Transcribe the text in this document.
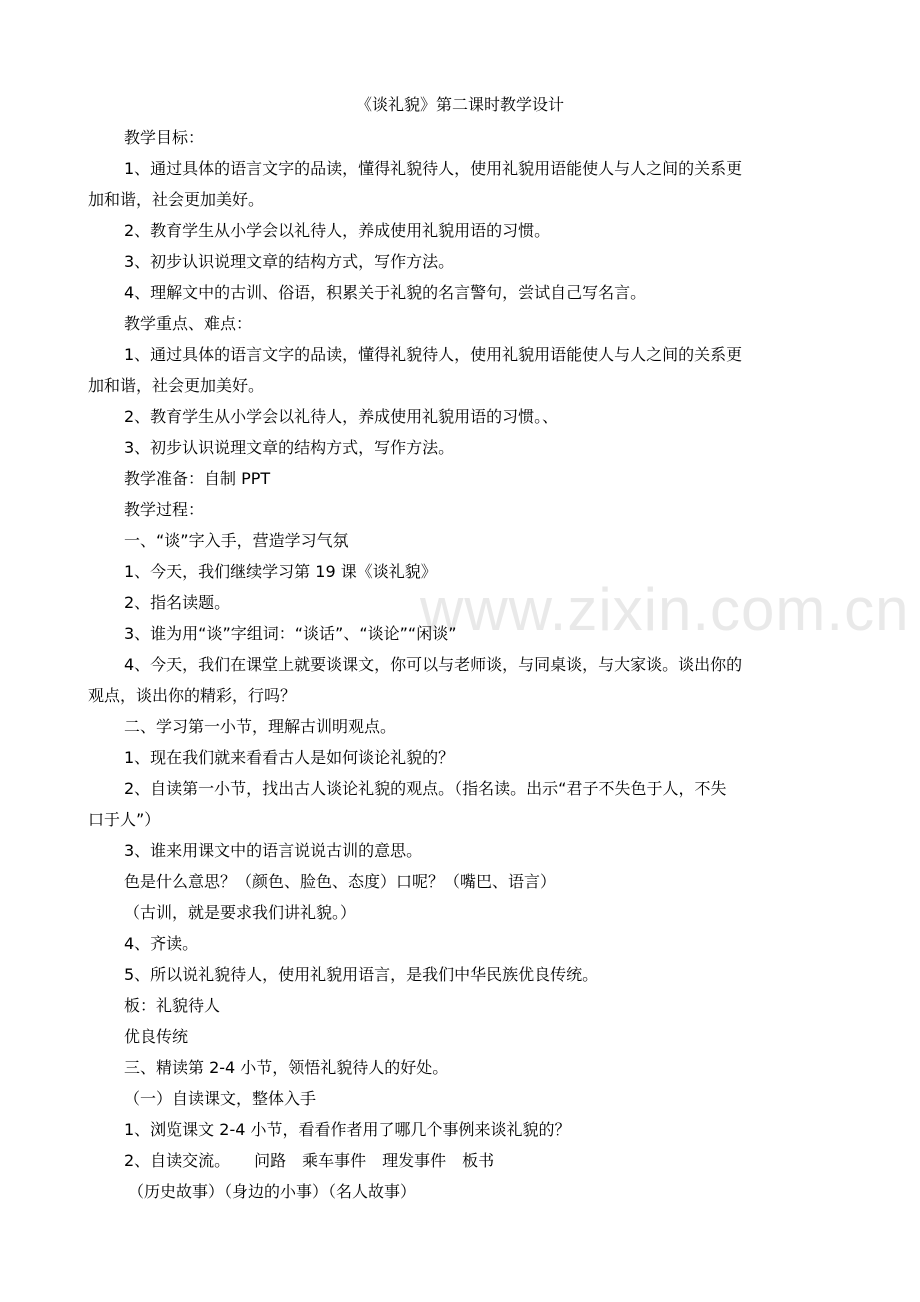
www.zixin.com.cn
《谈礼貌》第二课时教学设计
教学目标：
1、通过具体的语言文字的品读，懂得礼貌待人，使用礼貌用语能使人与人之间的关系更
加和谐，社会更加美好。
2、教育学生从小学会以礼待人，养成使用礼貌用语的习惯。
3、初步认识说理文章的结构方式，写作方法。
4、理解文中的古训、俗语，积累关于礼貌的名言警句，尝试自己写名言。
教学重点、难点：
1、通过具体的语言文字的品读，懂得礼貌待人，使用礼貌用语能使人与人之间的关系更
加和谐，社会更加美好。
2、教育学生从小学会以礼待人，养成使用礼貌用语的习惯。、
3、初步认识说理文章的结构方式，写作方法。
教学准备：自制 PPT
教学过程：
一、“谈”字入手，营造学习气氛
1、今天，我们继续学习第 19 课《谈礼貌》
2、指名读题。
3、谁为用“谈”字组词：“谈话”、“谈论”“闲谈”
4、今天，我们在课堂上就要谈课文，你可以与老师谈，与同桌谈，与大家谈。谈出你的
观点，谈出你的精彩，行吗？
二、学习第一小节，理解古训明观点。
1、现在我们就来看看古人是如何谈论礼貌的？
2、自读第一小节，找出古人谈论礼貌的观点。（指名读。出示“君子不失色于人，不失
口于人”）
3、谁来用课文中的语言说说古训的意思。
色是什么意思？（颜色、脸色、态度）口呢？（嘴巴、语言）
（古训，就是要求我们讲礼貌。）
4、齐读。
5、所以说礼貌待人，使用礼貌用语言，是我们中华民族优良传统。
板：礼貌待人
优良传统
三、精读第 2-4 小节，领悟礼貌待人的好处。
（一）自读课文，整体入手
1、浏览课文 2-4 小节，看看作者用了哪几个事例来谈礼貌的？
2、自读交流。　　问路　乘车事件　理发事件　板书
（历史故事）（身边的小事）（名人故事）
